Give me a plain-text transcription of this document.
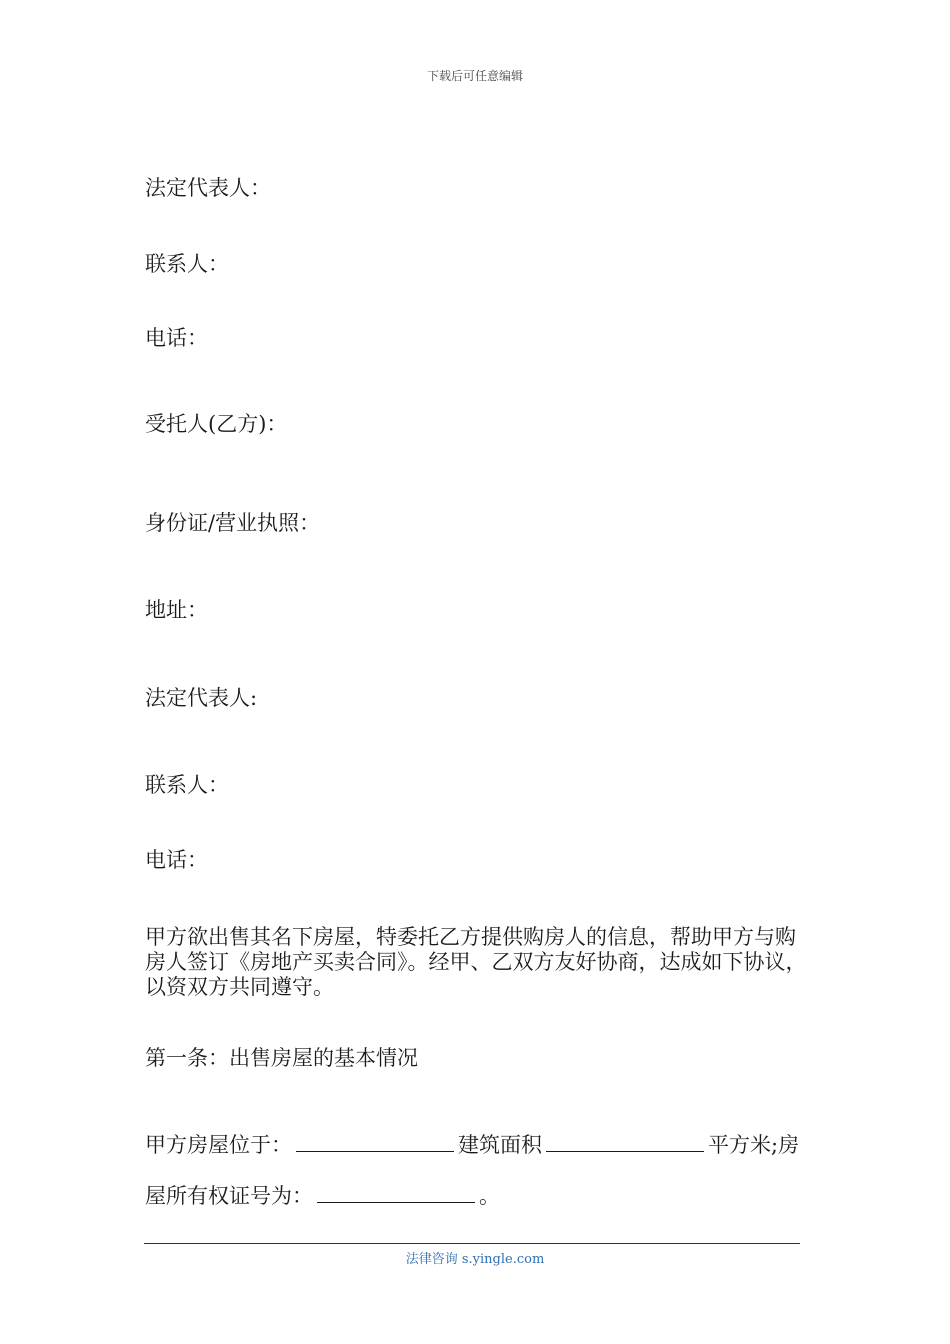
下载后可任意编辑
法定代表人：
联系人：
电话：
受托人(乙方)：
身份证/营业执照：
地址：
法定代表人:
联系人：
电话：
甲方欲出售其名下房屋，特委托乙方提供购房人的信息，帮助甲方与购房人签订《房地产买卖合同》。经甲、乙双方友好协商，达成如下协议，以资双方共同遵守。
第一条：出售房屋的基本情况
甲方房屋位于：	建筑面积	平方米;房
屋所有权证号为：	。
法律咨询 s.yingle.com
